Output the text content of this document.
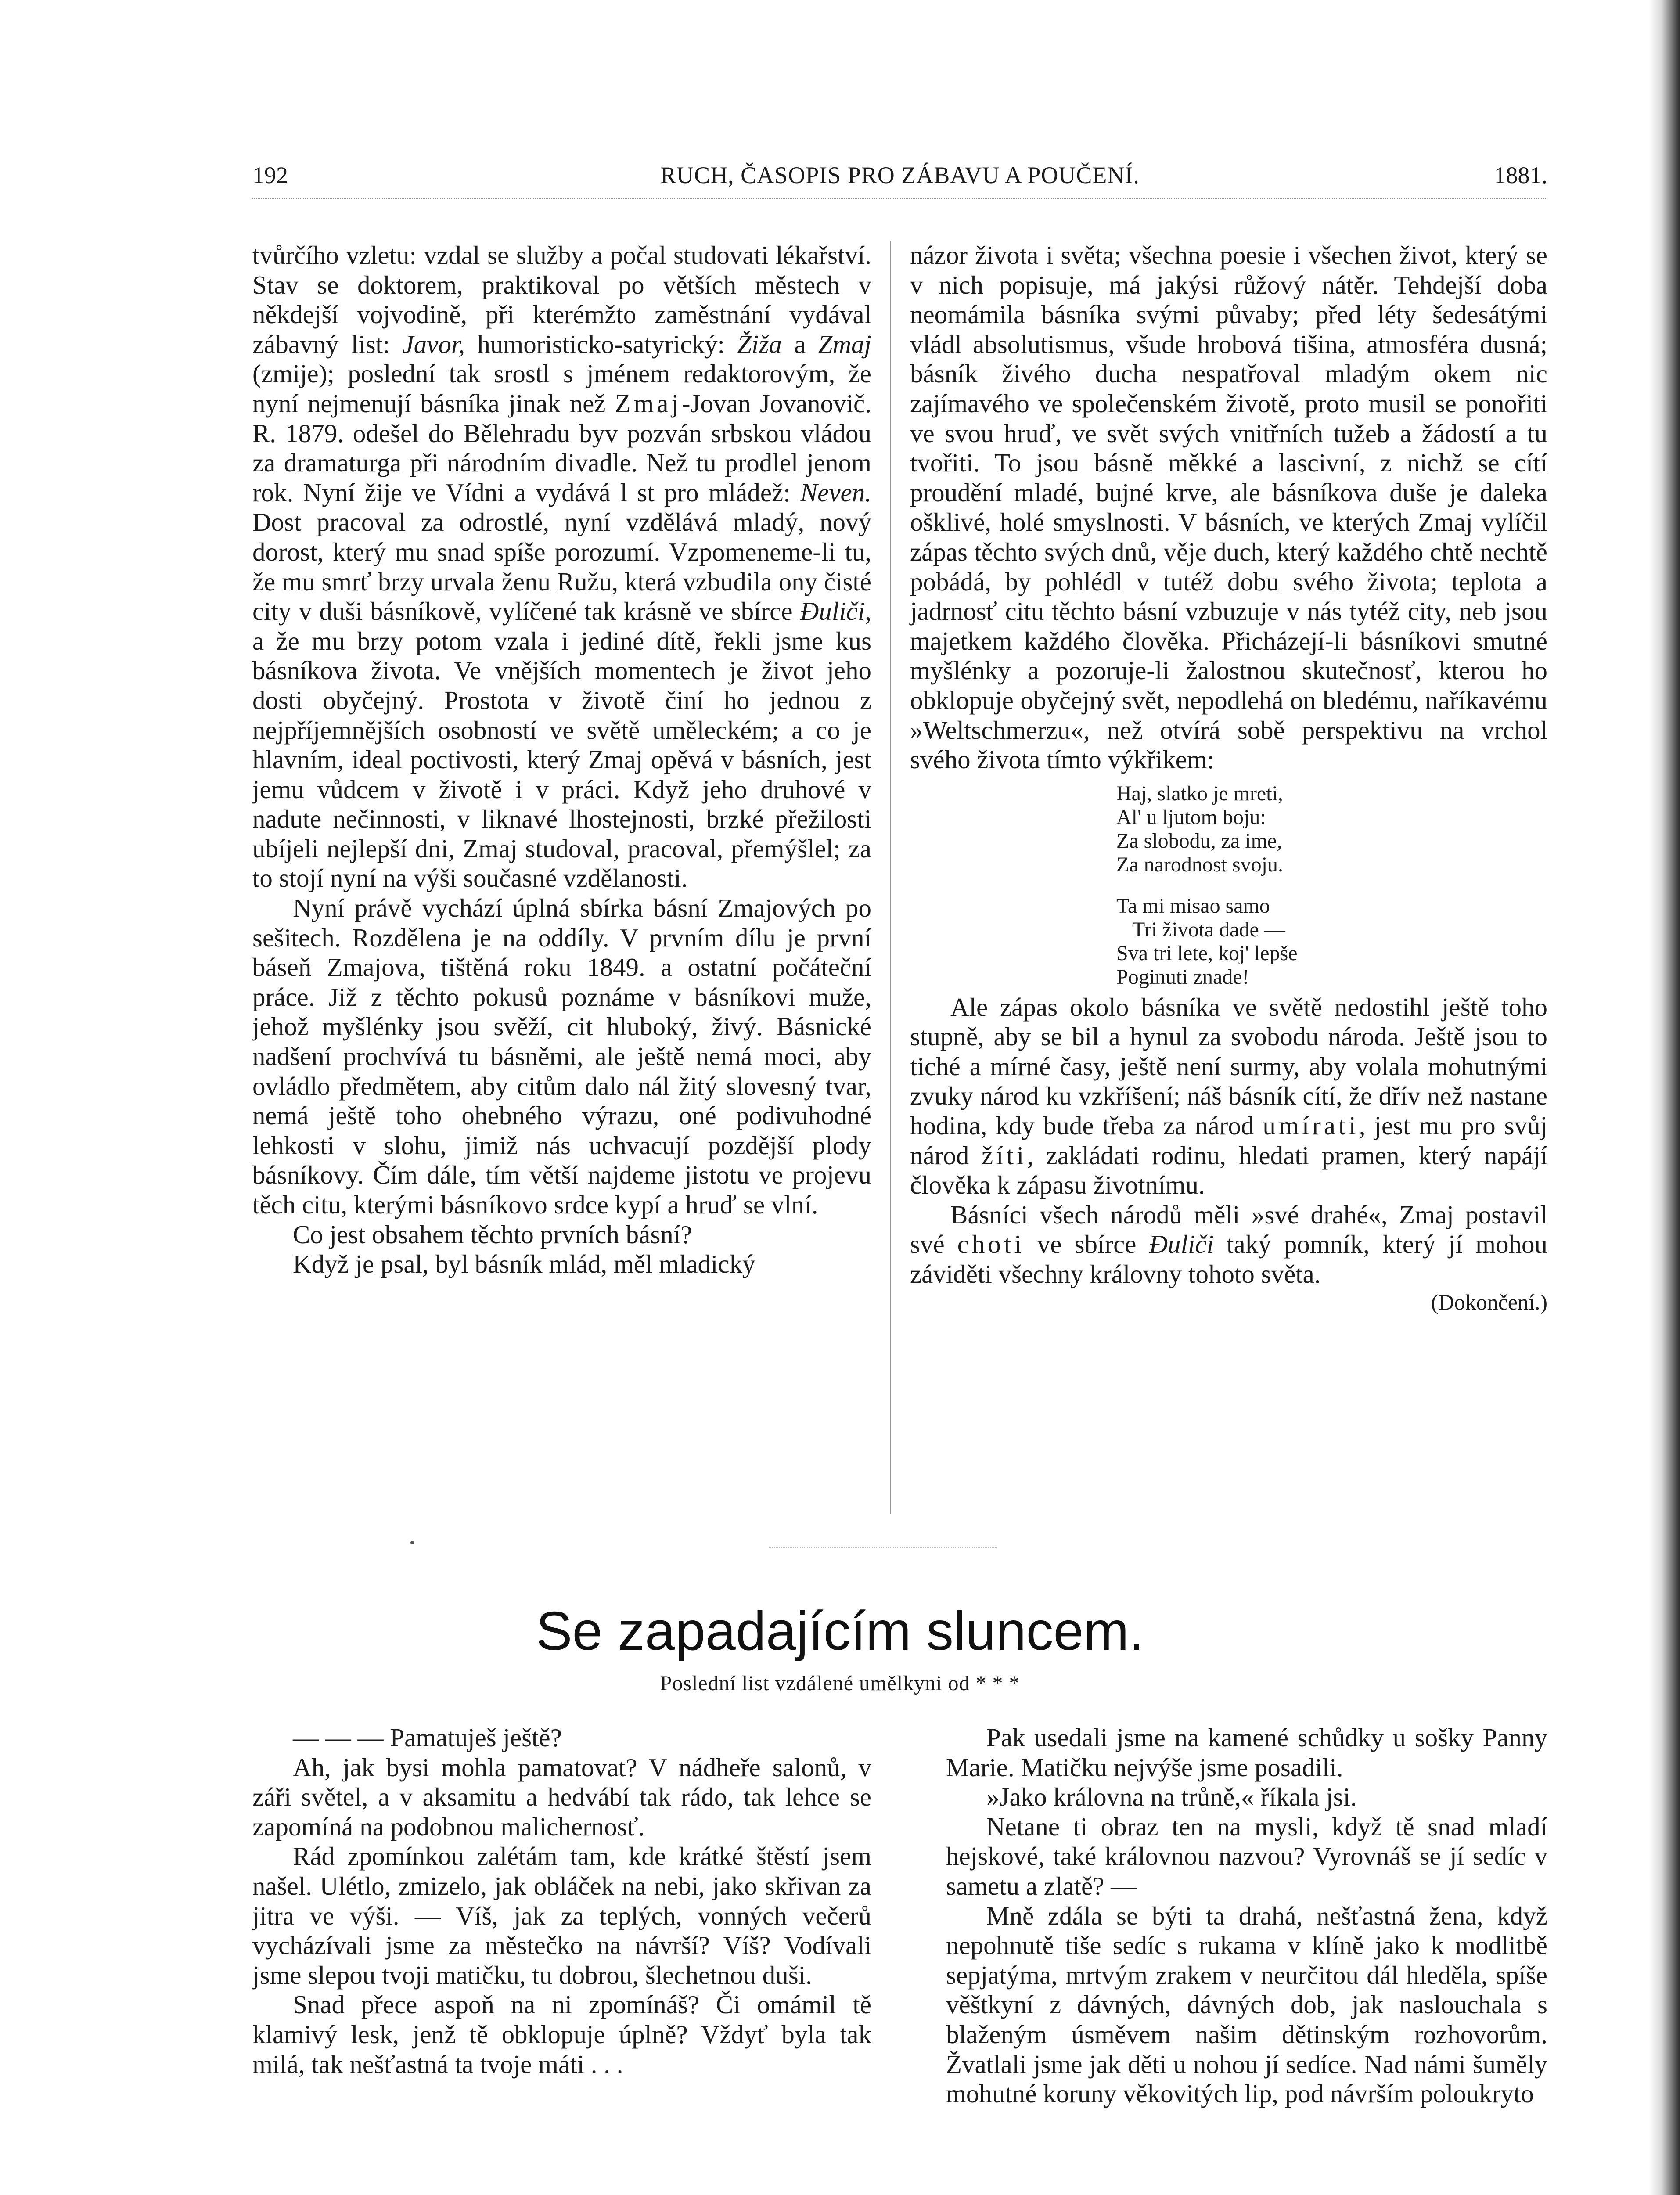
192	RUCH, ČASOPIS PRO ZÁBAVU A POUČENÍ.	1881.

tvůrčího vzletu: vzdal se služby a počal studovati lékařství. Stav se doktorem, praktikoval po větších městech v někdejší vojvodině, při kterémžto zaměstnání vydával zábavný list: Javor, humoristicko-satyrický: Žiža a Zmaj (zmije); poslední tak srostl s jménem redaktorovým, že nyní nejmenují básníka jinak než Zmaj-Jovan Jovanovič. R. 1879. odešel do Bělehradu byv pozván srbskou vládou za dramaturga při národním divadle. Než tu prodlel jenom rok. Nyní žije ve Vídni a vydává l st pro mládež: Neven. Dost pracoval za odrostlé, nyní vzdělává mladý, nový dorost, který mu snad spíše porozumí. Vzpomeneme-li tu, že mu smrť brzy urvala ženu Ružu, která vzbudila ony čisté city v duši básníkově, vylíčené tak krásně ve sbírce Đuliči, a že mu brzy potom vzala i jediné dítě, řekli jsme kus básníkova života. Ve vnějších momentech je život jeho dosti obyčejný. Prostota v životě činí ho jednou z nejpříjemnějších osobností ve světě uměleckém; a co je hlavním, ideal poctivosti, který Zmaj opěvá v básních, jest jemu vůdcem v životě i v práci. Když jeho druhové v nadute nečinnosti, v liknavé lhostejnosti, brzké přežilosti ubíjeli nejlepší dni, Zmaj studoval, pracoval, přemýšlel; za to stojí nyní na výši současné vzdělanosti.

Nyní právě vychází úplná sbírka básní Zmajových po sešitech. Rozdělena je na oddíly. V prvním dílu je první báseň Zmajova, tištěná roku 1849. a ostatní počáteční práce. Již z těchto pokusů poznáme v básníkovi muže, jehož myšlénky jsou svěží, cit hluboký, živý. Básnické nadšení prochvívá tu básněmi, ale ještě nemá moci, aby ovládlo předmětem, aby citům dalo nál žitý slovesný tvar, nemá ještě toho ohebného výrazu, oné podivuhodné lehkosti v slohu, jimiž nás uchvacují pozdější plody básníkovy. Čím dále, tím větší najdeme jistotu ve projevu těch citu, kterými básníkovo srdce kypí a hruď se vlní.

Co jest obsahem těchto prvních básní?

Když je psal, byl básník mlád, měl mladický

názor života i světa; všechna poesie i všechen život, který se v nich popisuje, má jakýsi růžový nátěr. Tehdejší doba neomámila básníka svými půvaby; před léty šedesátými vládl absolutismus, všude hrobová tišina, atmosféra dusná; básník živého ducha nespatřoval mladým okem nic zajímavého ve společenském životě, proto musil se ponořiti ve svou hruď, ve svět svých vnitřních tužeb a žádostí a tu tvořiti. To jsou básně měkké a lascivní, z nichž se cítí proudění mladé, bujné krve, ale básníkova duše je daleka ošklivé, holé smyslnosti. V básních, ve kterých Zmaj vylíčil zápas těchto svých dnů, věje duch, který každého chtě nechtě pobádá, by pohlédl v tutéž dobu svého života; teplota a jadrnosť citu těchto básní vzbuzuje v nás tytéž city, neb jsou majetkem každého člověka. Přicházejí-li básníkovi smutné myšlénky a pozoruje-li žalostnou skutečnosť, kterou ho obklopuje obyčejný svět, nepodlehá on bledému, naříkavému »Weltschmerzu«, než otvírá sobě perspektivu na vrchol svého života tímto výkřikem:

Haj, slatko je mreti,
Al' u ljutom boju:
Za slobodu, za ime,
Za narodnost svoju.
Ta mi misao samo
Tri života dade —
Sva tri lete, koj' lepše
Poginuti znade!

Ale zápas okolo básníka ve světě nedostihl ještě toho stupně, aby se bil a hynul za svobodu národa. Ještě jsou to tiché a mírné časy, ještě není surmy, aby volala mohutnými zvuky národ ku vzkříšení; náš básník cítí, že dřív než nastane hodina, kdy bude třeba za národ umírati, jest mu pro svůj národ žíti, zakládati rodinu, hledati pramen, který napájí člověka k zápasu životnímu.

Básníci všech národů měli »své drahé«, Zmaj postavil své choti ve sbírce Đuliči taký pomník, který jí mohou záviděti všechny královny tohoto světa.

(Dokončení.)
Se zapadajícím sluncem.
Poslední list vzdálené umělkyni od * * *

— — — Pamatuješ ještě?

Ah, jak bysi mohla pamatovat? V nádheře salonů, v záři světel, a v aksamitu a hedvábí tak rádo, tak lehce se zapomíná na podobnou malichernosť.

Rád zpomínkou zalétám tam, kde krátké štěstí jsem našel. Ulétlo, zmizelo, jak obláček na nebi, jako skřivan za jitra ve výši. — Víš, jak za teplých, vonných večerů vycházívali jsme za městečko na návrší? Víš? Vodívali jsme slepou tvoji matičku, tu dobrou, šlechetnou duši.

Snad přece aspoň na ni zpomínáš? Či omámil tě klamivý lesk, jenž tě obklopuje úplně? Vždyť byla tak milá, tak nešťastná ta tvoje máti . . .

Pak usedali jsme na kamené schůdky u sošky Panny Marie. Matičku nejvýše jsme posadili.

»Jako královna na trůně,« říkala jsi.

Netane ti obraz ten na mysli, když tě snad mladí hejskové, také královnou nazvou? Vyrovnáš se jí sedíc v sametu a zlatě? —

Mně zdála se býti ta drahá, nešťastná žena, když nepohnutě tiše sedíc s rukama v klíně jako k modlitbě sepjatýma, mrtvým zrakem v neurčitou dál hleděla, spíše věštkyní z dávných, dávných dob, jak naslouchala s blaženým úsměvem našim dětinským rozhovorům. Žvatlali jsme jak děti u nohou jí sedíce. Nad námi šuměly mohutné koruny věkovitých lip, pod návrším poloukryto
